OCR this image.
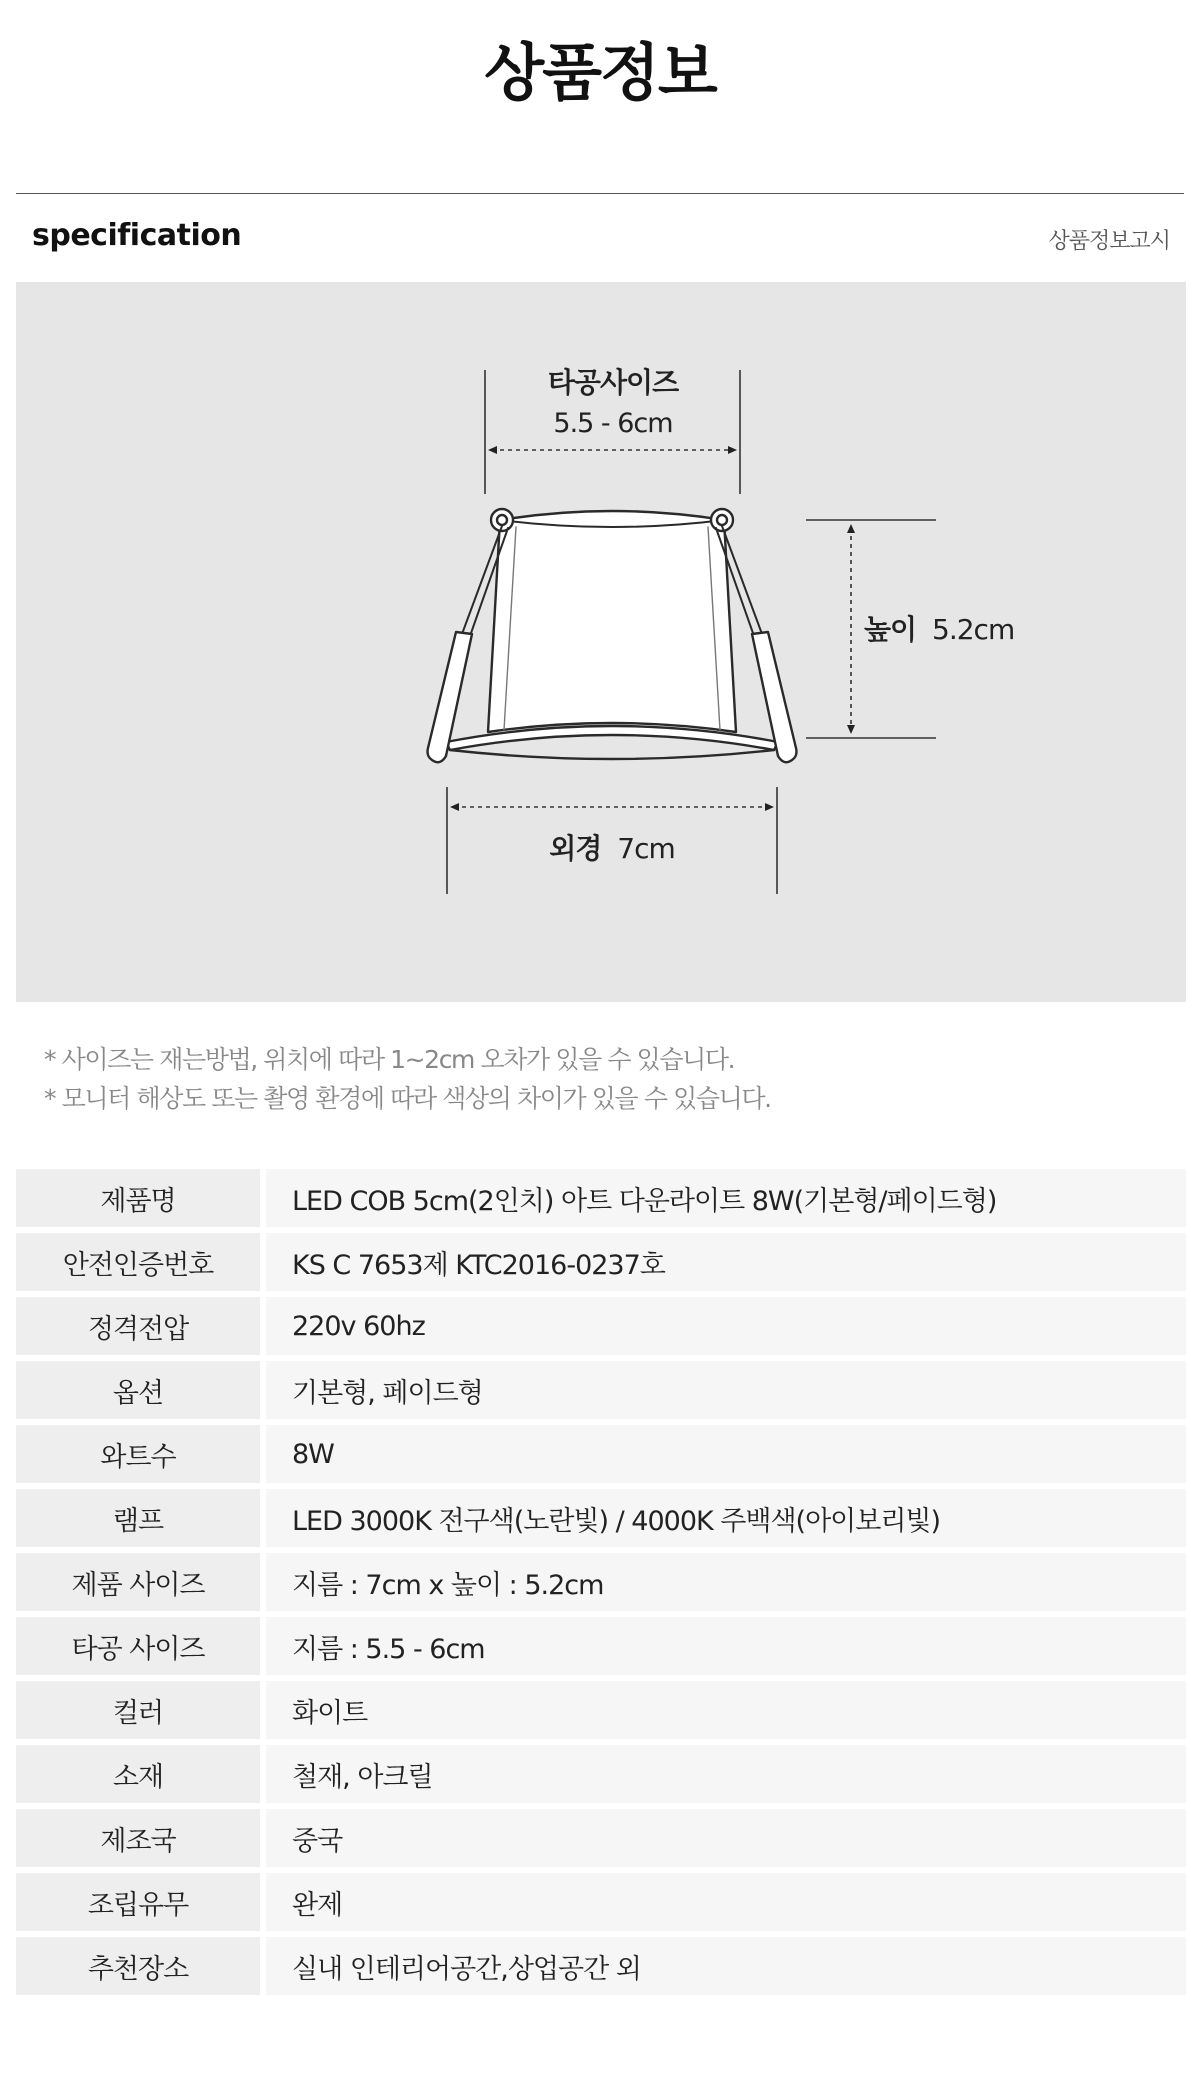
상품정보
specification	상품정보고시
타공사이즈
5.5 - 6cm
높이 5.2cm
외경 7cm
* 사이즈는 재는방법, 위치에 따라 1~2cm 오차가 있을 수 있습니다.
* 모니터 해상도 또는 촬영 환경에 따라 색상의 차이가 있을 수 있습니다.
제품명	LED COB 5cm(2인치) 아트 다운라이트 8W(기본형/페이드형)
안전인증번호	KS C 7653제 KTC2016-0237호
정격전압	220v 60hz
옵션	기본형, 페이드형
와트수	8W
램프	LED 3000K 전구색(노란빛) / 4000K 주백색(아이보리빛)
제품 사이즈	지름 : 7cm x 높이 : 5.2cm
타공 사이즈	지름 : 5.5 - 6cm
컬러	화이트
소재	철재, 아크릴
제조국	중국
조립유무	완제
추천장소	실내 인테리어공간,상업공간 외
